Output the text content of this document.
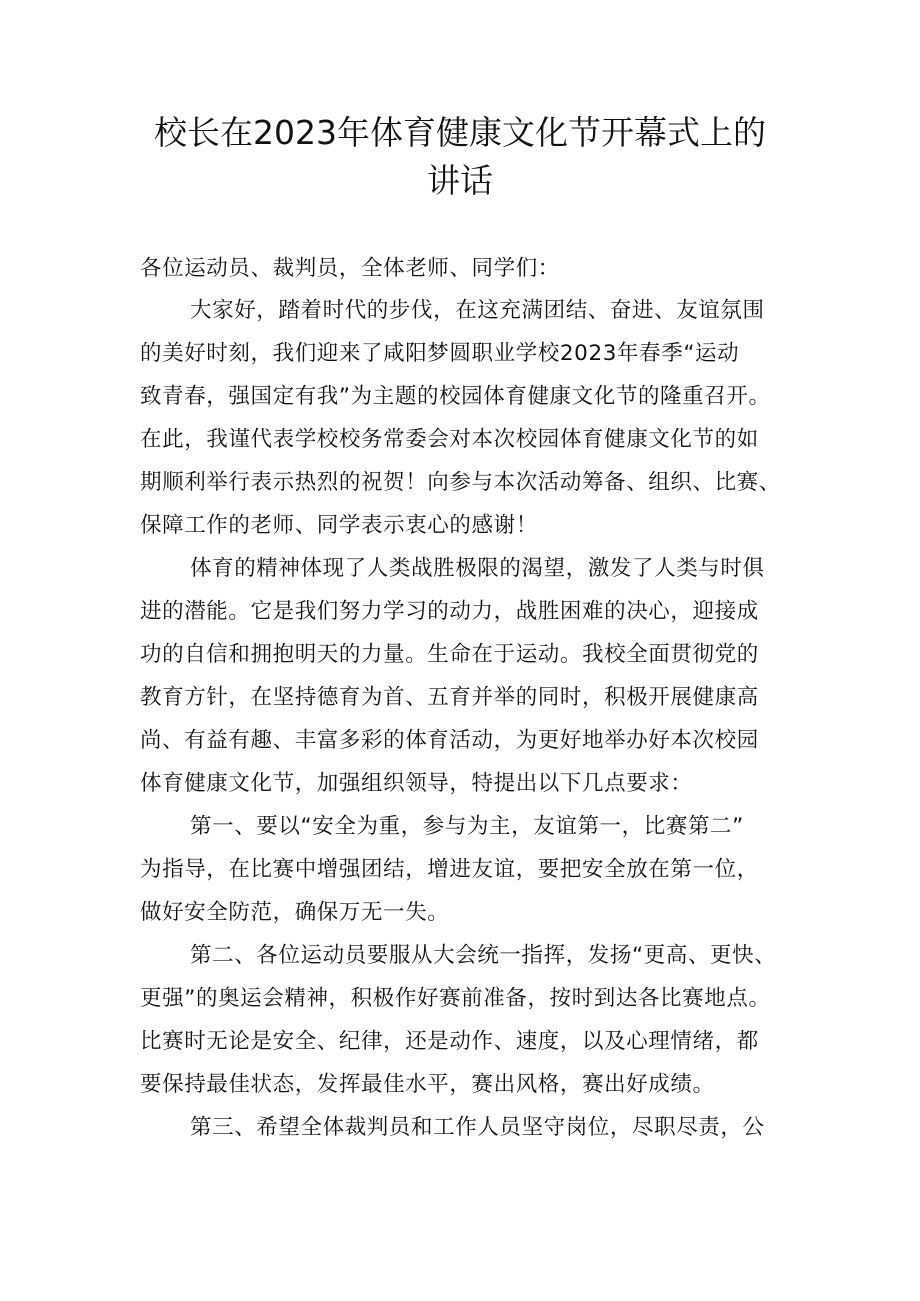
校长在2023年体育健康文化节开幕式上的
讲话
各位运动员、裁判员，全体老师、同学们：
大家好，踏着时代的步伐，在这充满团结、奋进、友谊氛围
的美好时刻，我们迎来了咸阳梦圆职业学校2023年春季“运动
致青春，强国定有我”为主题的校园体育健康文化节的隆重召开。
在此，我谨代表学校校务常委会对本次校园体育健康文化节的如
期顺利举行表示热烈的祝贺！向参与本次活动筹备、组织、比赛、
保障工作的老师、同学表示衷心的感谢！
体育的精神体现了人类战胜极限的渴望，激发了人类与时俱
进的潜能。它是我们努力学习的动力，战胜困难的决心，迎接成
功的自信和拥抱明天的力量。生命在于运动。我校全面贯彻党的
教育方针，在坚持德育为首、五育并举的同时，积极开展健康高
尚、有益有趣、丰富多彩的体育活动，为更好地举办好本次校园
体育健康文化节，加强组织领导，特提出以下几点要求：
第一、要以“安全为重，参与为主，友谊第一，比赛第二”
为指导，在比赛中增强团结，增进友谊，要把安全放在第一位，
做好安全防范，确保万无一失。
第二、各位运动员要服从大会统一指挥，发扬“更高、更快、
更强”的奥运会精神，积极作好赛前准备，按时到达各比赛地点。
比赛时无论是安全、纪律，还是动作、速度，以及心理情绪，都
要保持最佳状态，发挥最佳水平，赛出风格，赛出好成绩。
第三、希望全体裁判员和工作人员坚守岗位，尽职尽责，公
